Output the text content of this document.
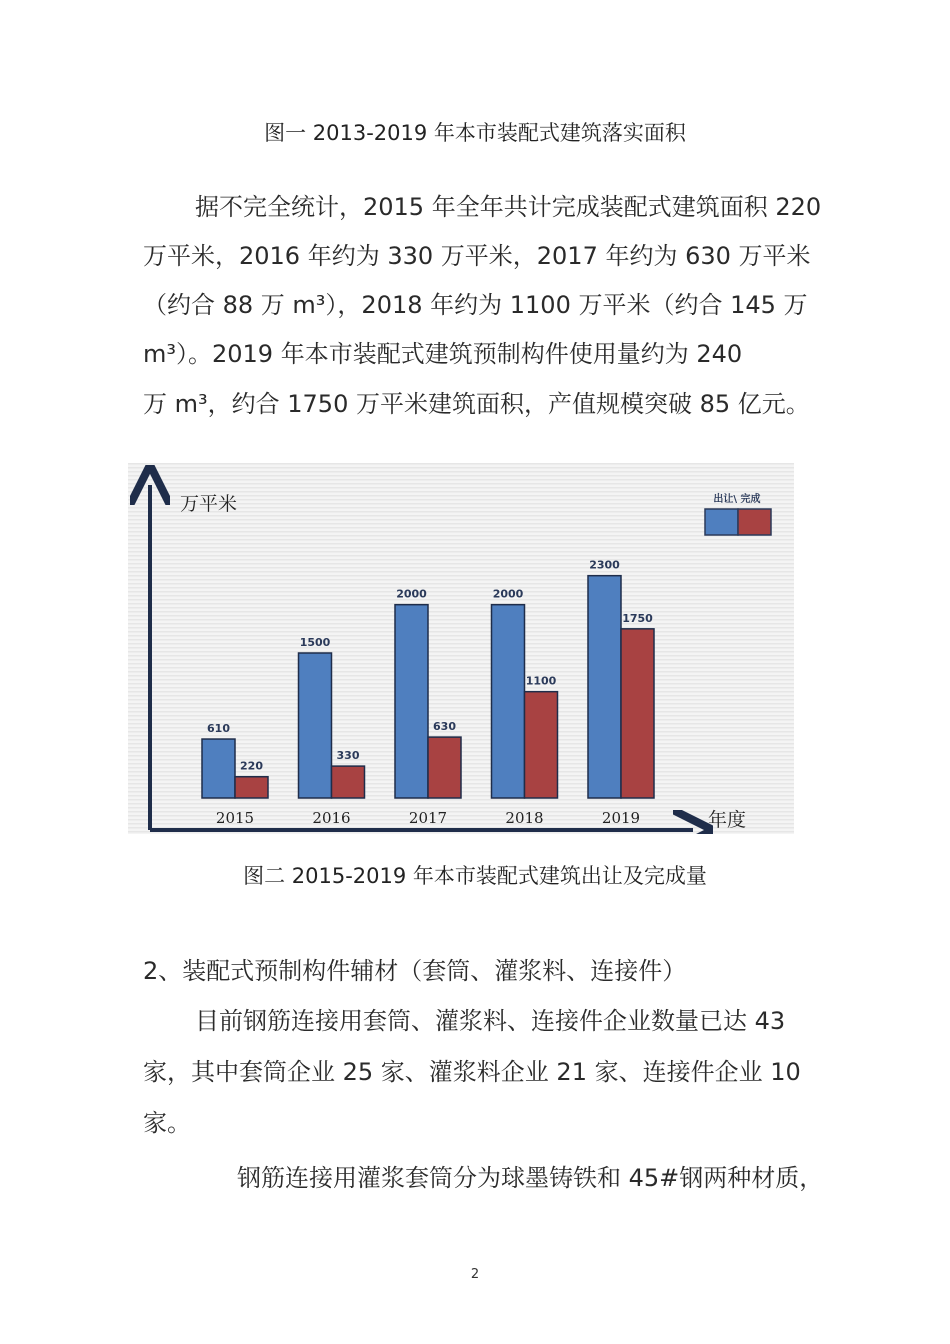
图一 2013-2019 年本市装配式建筑落实面积
据不完全统计，2015 年全年共计完成装配式建筑面积 220
万平米，2016 年约为 330 万平米，2017 年约为 630 万平米
（约合 88 万 m³），2018 年约为 1100 万平米（约合 145 万
m³）。2019 年本市装配式建筑预制构件使用量约为 240
万 m³，约合 1750 万平米建筑面积，产值规模突破 85 亿元。
万平米
年度
出让\ 完成
610
220
2015
1500
330
2016
2000
630
2017
2000
1100
2018
2300
1750
2019
图二 2015-2019 年本市装配式建筑出让及完成量
2、装配式预制构件辅材（套筒、灌浆料、连接件）
目前钢筋连接用套筒、灌浆料、连接件企业数量已达 43
家，其中套筒企业 25 家、灌浆料企业 21 家、连接件企业 10
家。
钢筋连接用灌浆套筒分为球墨铸铁和 45#钢两种材质，
2
